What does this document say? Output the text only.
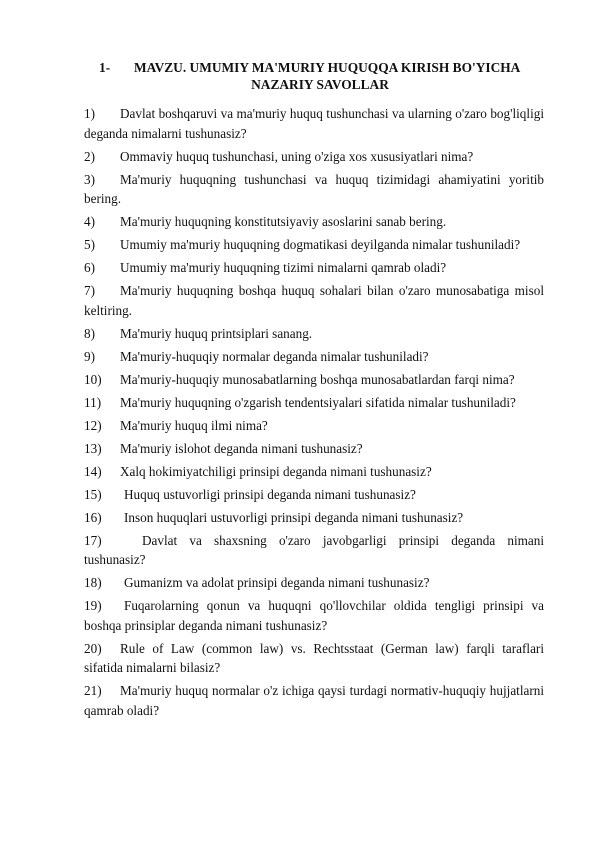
1- MAVZU. UMUMIY MA'MURIY HUQUQQA KIRISH BO'YICHA
NAZARIY SAVOLLAR

1) Davlat boshqaruvi va ma'muriy huquq tushunchasi va ularning o'zaro bog'liqligi deganda nimalarni tushunasiz?

2) Ommaviy huquq tushunchasi, uning o'ziga xos xususiyatlari nima?

3) Ma'muriy huquqning tushunchasi va huquq tizimidagi ahamiyatini yoritib bering.

4) Ma'muriy huquqning konstitutsiyaviy asoslarini sanab bering.

5) Umumiy ma'muriy huquqning dogmatikasi deyilganda nimalar tushuniladi?

6) Umumiy ma'muriy huquqning tizimi nimalarni qamrab oladi?

7) Ma'muriy huquqning boshqa huquq sohalari bilan o'zaro munosabatiga misol keltiring.

8) Ma'muriy huquq printsiplari sanang.

9) Ma'muriy-huquqiy normalar deganda nimalar tushuniladi?

10) Ma'muriy-huquqiy munosabatlarning boshqa munosabatlardan farqi nima?

11) Ma'muriy huquqning o'zgarish tendentsiyalari sifatida nimalar tushuniladi?

12) Ma'muriy huquq ilmi nima?

13) Ma'muriy islohot deganda nimani tushunasiz?

14) Xalq hokimiyatchiligi prinsipi deganda nimani tushunasiz?

15) Huquq ustuvorligi prinsipi deganda nimani tushunasiz?

16) Inson huquqlari ustuvorligi prinsipi deganda nimani tushunasiz?

17)	Davlat va shaxsning o'zaro javobgarligi prinsipi deganda nimani tushunasiz?

18) Gumanizm va adolat prinsipi deganda nimani tushunasiz?

19) Fuqarolarning qonun va huquqni qo'llovchilar oldida tengligi prinsipi va boshqa prinsiplar deganda nimani tushunasiz?

20) Rule of Law (common law) vs. Rechtsstaat (German law) farqli taraflari sifatida nimalarni bilasiz?

21) Ma'muriy huquq normalar o'z ichiga qaysi turdagi normativ-huquqiy hujjatlarni qamrab oladi?
